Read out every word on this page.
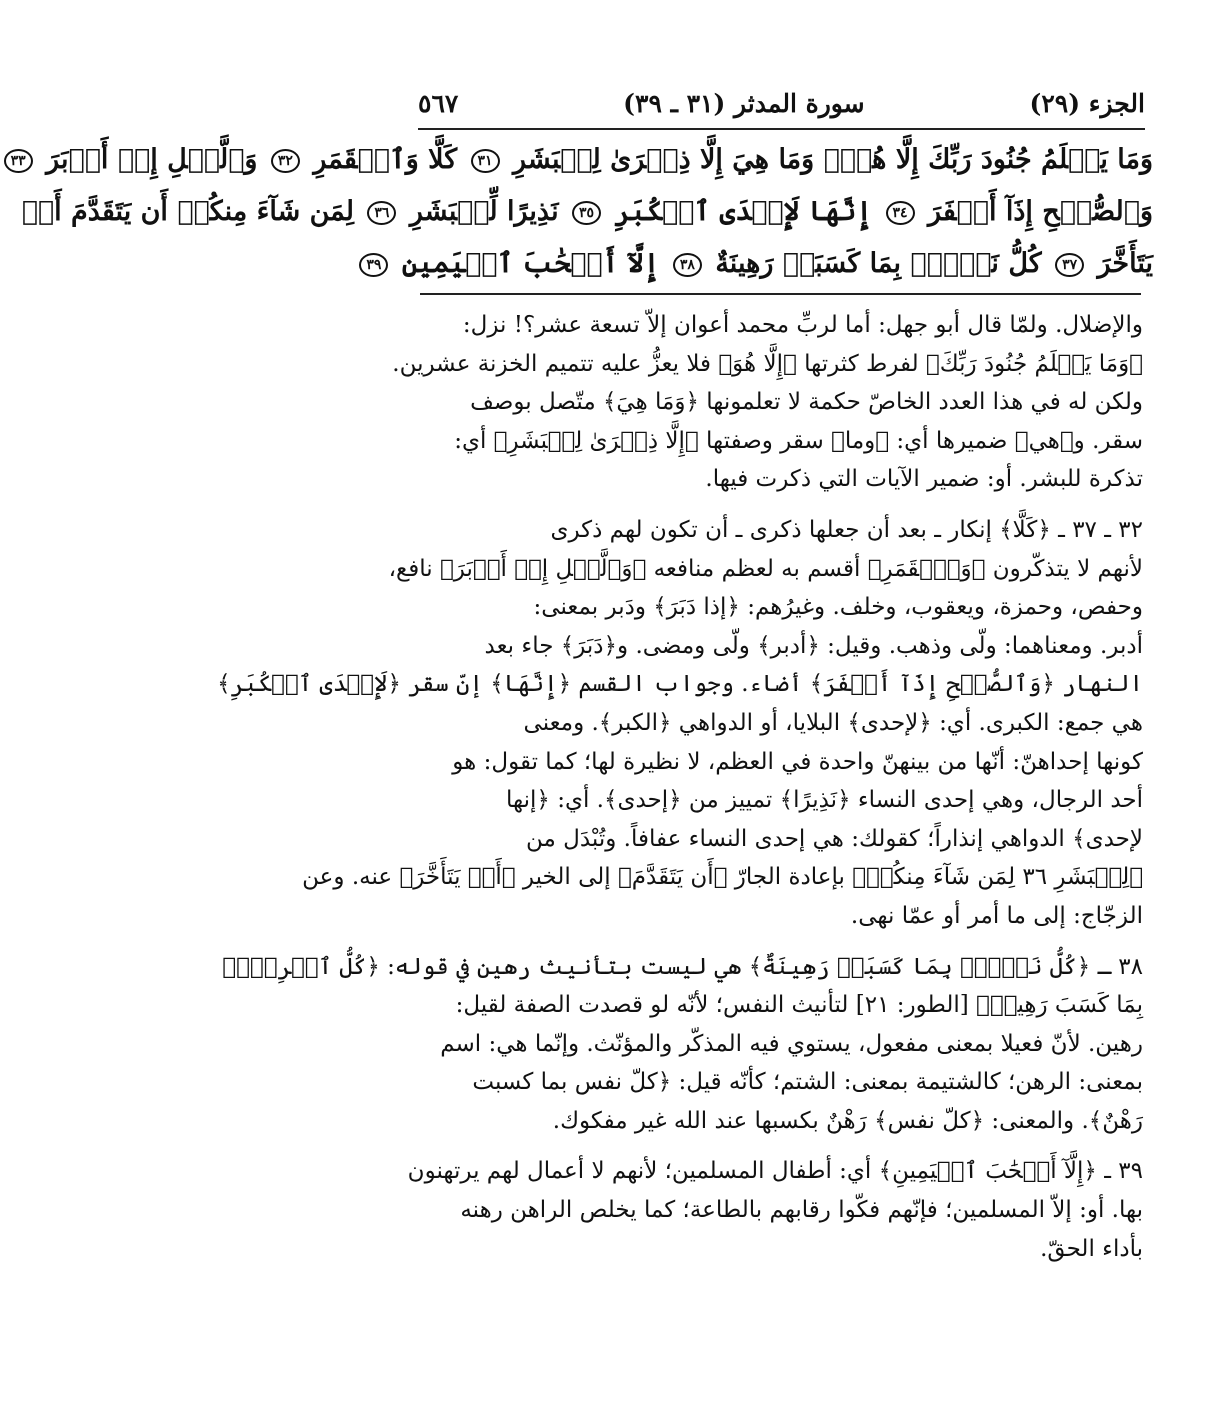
الجزء (٢٩)
سورة المدثر (٣١ ـ ٣٩)
٥٦٧
وَمَا يَعۡلَمُ جُنُودَ رَبِّكَ إِلَّا هُوَۚ وَمَا هِيَ إِلَّا ذِكۡرَىٰ لِلۡبَشَرِ ٣١ كَلَّا وَٱلۡقَمَرِ ٣٢ وَٱلَّيۡلِ إِذۡ أَدۡبَرَ ٣٣
وَٱلصُّبۡحِ إِذَآ أَسۡفَرَ ٣٤ إِنَّهَا لَإِحۡدَى ٱلۡكُبَرِ ٣٥ نَذِيرًا لِّلۡبَشَرِ ٣٦ لِمَن شَآءَ مِنكُمۡ أَن يَتَقَدَّمَ أَوۡ
يَتَأَخَّرَ ٣٧ كُلُّ نَفۡسِۭ بِمَا كَسَبَتۡ رَهِينَةٌ ٣٨ إِلَّآ أَصۡحَٰبَ ٱلۡيَمِينِ ٣٩
والإضلال. ولمّا قال أبو جهل: أما لربِّ محمد أعوان إلاّ تسعة عشر؟! نزل:
﴿وَمَا يَعۡلَمُ جُنُودَ رَبِّكَ﴾ لفرط كثرتها ﴿إِلَّا هُوَ﴾ فلا يعزُّ عليه تتميم الخزنة عشرين.
ولكن له في هذا العدد الخاصّ حكمة لا تعلمونها ﴿وَمَا هِيَ﴾ متّصل بوصف
سقر. و﴿هي﴾ ضميرها أي: ﴿وما﴾ سقر وصفتها ﴿إِلَّا ذِكۡرَىٰ لِلۡبَشَرِ﴾ أي:
تذكرة للبشر. أو: ضمير الآيات التي ذكرت فيها.
٣٢ ـ ٣٧ ـ ﴿كَلَّا﴾ إنكار ـ بعد أن جعلها ذكرى ـ أن تكون لهم ذكرى
لأنهم لا يتذكّرون ﴿وَٱلۡقَمَرِ﴾ أقسم به لعظم منافعه ﴿وَٱلَّيۡلِ إِذۡ أَدۡبَرَ﴾ نافع،
وحفص، وحمزة، ويعقوب، وخلف. وغيرُهم: ﴿إذا دَبَرَ﴾ ودَبر بمعنى:
أدبر. ومعناهما: ولّى وذهب. وقيل: ﴿أدبر﴾ ولّى ومضى. و﴿دَبَرَ﴾ جاء بعد
النهار ﴿وَٱلصُّبۡحِ إِذَآ أَسۡفَرَ﴾ أضاء. وجواب القسم ﴿إِنَّهَا﴾ إنّ سقر ﴿لَإِحۡدَى ٱلۡكُبَرِ﴾
هي جمع: الكبرى. أي: ﴿لإحدى﴾ البلايا، أو الدواهي ﴿الكبر﴾. ومعنى
كونها إحداهنّ: أنّها من بينهنّ واحدة في العظم، لا نظيرة لها؛ كما تقول: هو
أحد الرجال، وهي إحدى النساء ﴿نَذِيرًا﴾ تمييز من ﴿إحدى﴾. أي: ﴿إنها
لإحدى﴾ الدواهي إنذاراً؛ كقولك: هي إحدى النساء عفافاً. وتُبْدَل من
﴿لِلۡبَشَرِ ٣٦ لِمَن شَآءَ مِنكُمۡ﴾ بإعادة الجارّ ﴿أَن يَتَقَدَّمَ﴾ إلى الخير ﴿أَوۡ يَتَأَخَّرَ﴾ عنه. وعن
الزجّاج: إلى ما أمر أو عمّا نهى.
٣٨ ـ ﴿كُلُّ نَفۡسِۭ بِمَا كَسَبَتۡ رَهِينَةٌ﴾ هي ليست بتأنيث رهين في قوله: ﴿كُلُّ ٱمۡرِيِٕۭ
بِمَا كَسَبَ رَهِينٞ﴾ [الطور: ٢١] لتأنيث النفس؛ لأنّه لو قصدت الصفة لقيل:
رهين. لأنّ فعيلا بمعنى مفعول، يستوي فيه المذكّر والمؤنّث. وإنّما هي: اسم
بمعنى: الرهن؛ كالشتيمة بمعنى: الشتم؛ كأنّه قيل: ﴿كلّ نفس بما كسبت
رَهْنٌ﴾. والمعنى: ﴿كلّ نفس﴾ رَهْنٌ بكسبها عند الله غير مفكوك.
٣٩ ـ ﴿إِلَّآ أَصۡحَٰبَ ٱلۡيَمِينِ﴾ أي: أطفال المسلمين؛ لأنهم لا أعمال لهم يرتهنون
بها. أو: إلاّ المسلمين؛ فإنّهم فكّوا رقابهم بالطاعة؛ كما يخلص الراهن رهنه
بأداء الحقّ.
